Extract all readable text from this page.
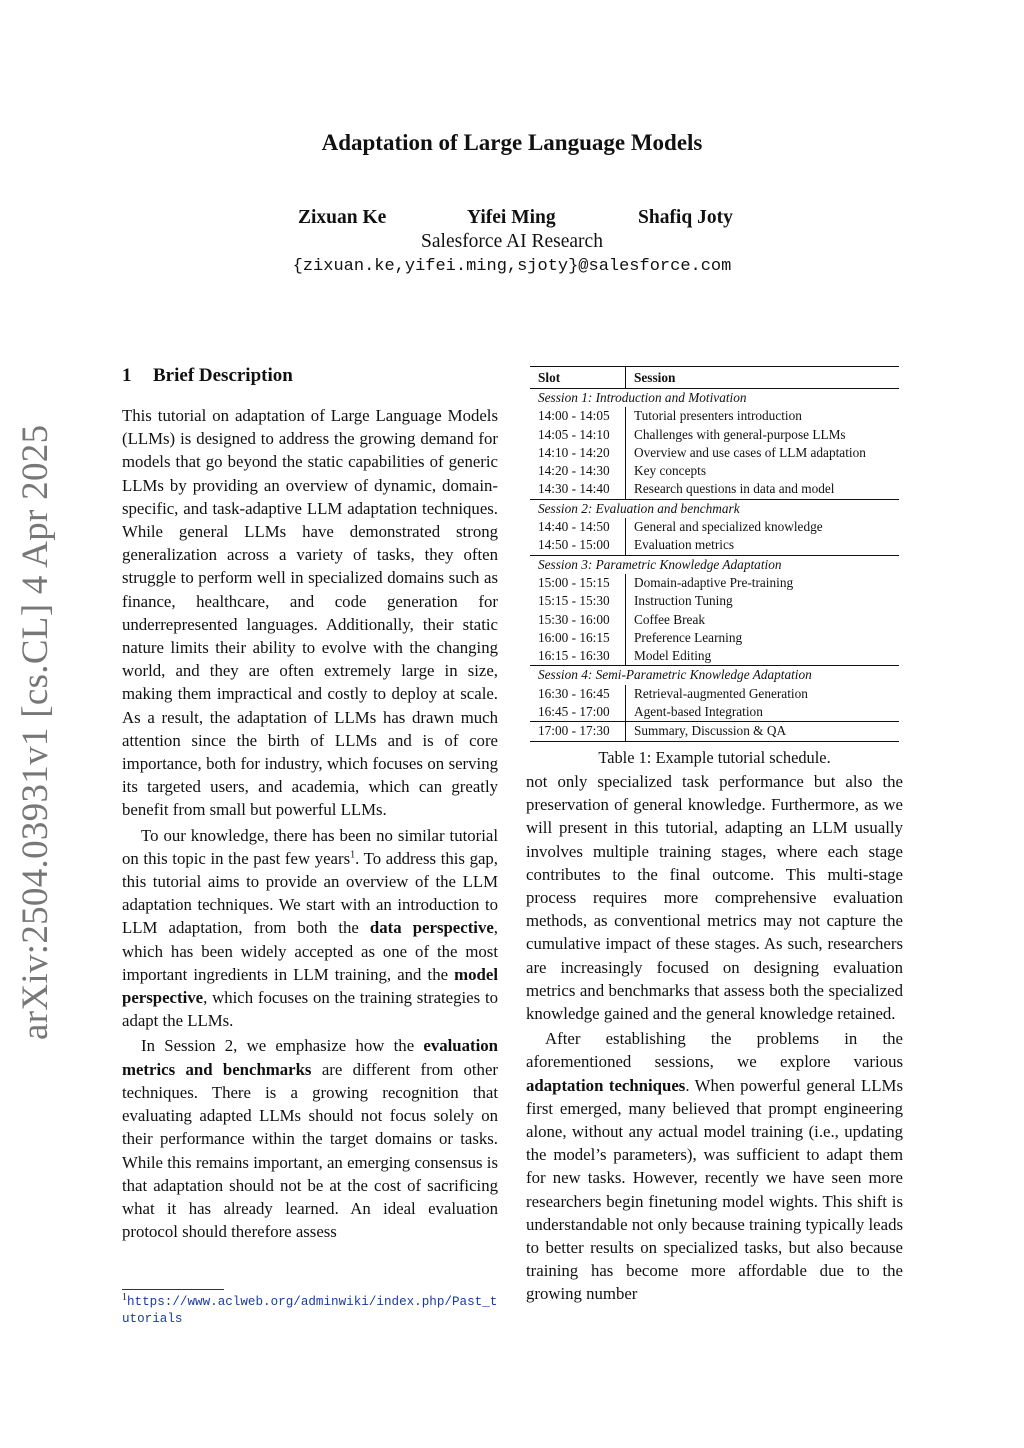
arXiv:2504.03931v1 [cs.CL] 4 Apr 2025
Adaptation of Large Language Models
Zixuan Ke	Yifei Ming	Shafiq Joty
Salesforce AI Research
{zixuan.ke,yifei.ming,sjoty}@salesforce.com
1 Brief Description

This tutorial on adaptation of Large Language Models (LLMs) is designed to address the growing demand for models that go beyond the static capabilities of generic LLMs by providing an overview of dynamic, domain-specific, and task-adaptive LLM adaptation techniques. While general LLMs have demonstrated strong generalization across a variety of tasks, they often struggle to perform well in specialized domains such as finance, healthcare, and code generation for underrepresented languages. Additionally, their static nature limits their ability to evolve with the changing world, and they are often extremely large in size, making them impractical and costly to deploy at scale. As a result, the adaptation of LLMs has drawn much attention since the birth of LLMs and is of core importance, both for industry, which focuses on serving its targeted users, and academia, which can greatly benefit from small but powerful LLMs.

To our knowledge, there has been no similar tutorial on this topic in the past few years$^1$. To address this gap, this tutorial aims to provide an overview of the LLM adaptation techniques. We start with an introduction to LLM adaptation, from both the data perspective, which has been widely accepted as one of the most important ingredients in LLM training, and the model perspective, which focuses on the training strategies to adapt the LLMs.

In Session 2, we emphasize how the evaluation metrics and benchmarks are different from other techniques. There is a growing recognition that evaluating adapted LLMs should not focus solely on their performance within the target domains or tasks. While this remains important, an emerging consensus is that adaptation should not be at the cost of sacrificing what it has already learned. An ideal evaluation protocol should therefore assess

$^1$https://www.aclweb.org/adminwiki/index.php/Past_tutorials
Slot	Session
Session 1: Introduction and Motivation	
14:00 - 14:05	Tutorial presenters introduction
14:05 - 14:10	Challenges with general-purpose LLMs
14:10 - 14:20	Overview and use cases of LLM adaptation
14:20 - 14:30	Key concepts
14:30 - 14:40	Research questions in data and model
Session 2: Evaluation and benchmark	
14:40 - 14:50	General and specialized knowledge
14:50 - 15:00	Evaluation metrics
Session 3: Parametric Knowledge Adaptation	
15:00 - 15:15	Domain-adaptive Pre-training
15:15 - 15:30	Instruction Tuning
15:30 - 16:00	Coffee Break
16:00 - 16:15	Preference Learning
16:15 - 16:30	Model Editing
Session 4: Semi-Parametric Knowledge Adaptation	
16:30 - 16:45	Retrieval-augmented Generation
16:45 - 17:00	Agent-based Integration
17:00 - 17:30	Summary, Discussion & QA
Table 1: Example tutorial schedule.

not only specialized task performance but also the preservation of general knowledge. Furthermore, as we will present in this tutorial, adapting an LLM usually involves multiple training stages, where each stage contributes to the final outcome. This multi-stage process requires more comprehensive evaluation methods, as conventional metrics may not capture the cumulative impact of these stages. As such, researchers are increasingly focused on designing evaluation metrics and benchmarks that assess both the specialized knowledge gained and the general knowledge retained.

After establishing the problems in the aforementioned sessions, we explore various adaptation techniques. When powerful general LLMs first emerged, many believed that prompt engineering alone, without any actual model training (i.e., updating the model’s parameters), was sufficient to adapt them for new tasks. However, recently we have seen more researchers begin finetuning model wights. This shift is understandable not only because training typically leads to better results on specialized tasks, but also because training has become more affordable due to the growing number
